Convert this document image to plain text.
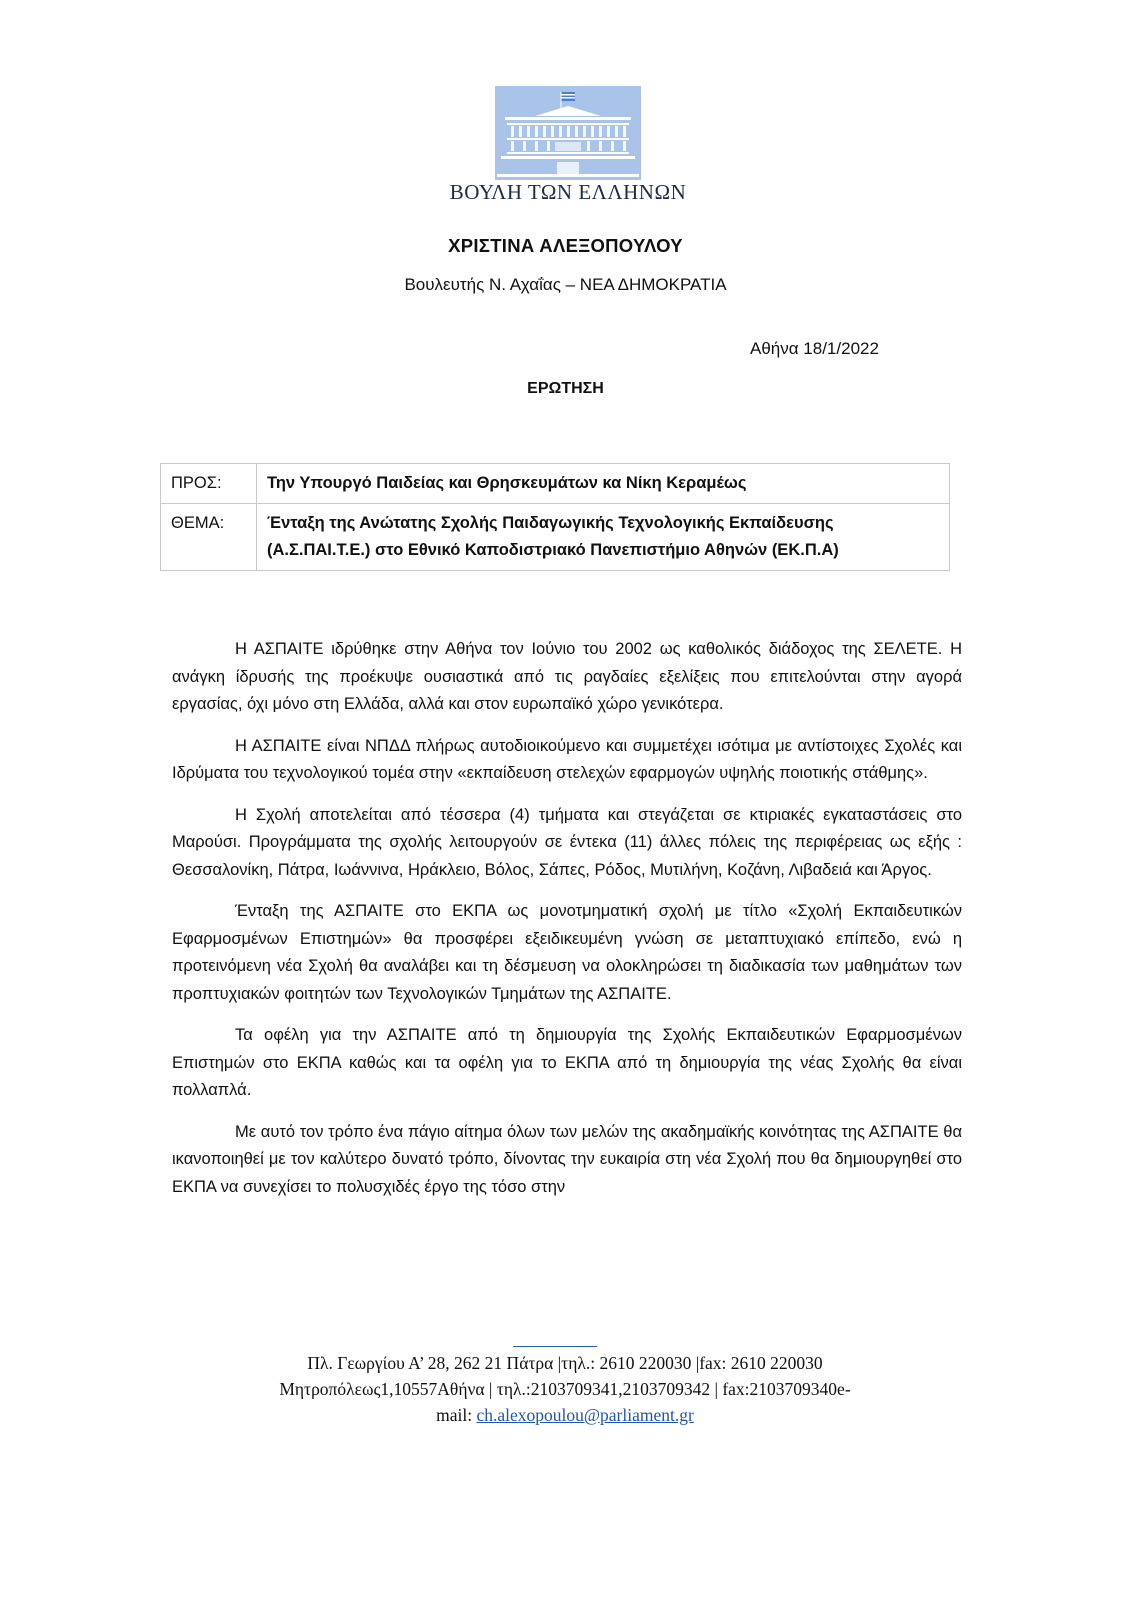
ΒΟΥΛΗ ΤΩΝ ΕΛΛΗΝΩΝ
ΧΡΙΣΤΙΝΑ ΑΛΕΞΟΠΟΥΛΟΥ
Βουλευτής Ν. Αχαΐας – ΝΕΑ ΔΗΜΟΚΡΑΤΙΑ
Αθήνα 18/1/2022
ΕΡΩΤΗΣΗ
ΠΡΟΣ:	Την Υπουργό Παιδείας και Θρησκευμάτων κα Νίκη Κεραμέως
ΘΕΜΑ:	Ένταξη της Ανώτατης Σχολής Παιδαγωγικής Τεχνολογικής Εκπαίδευσης (Α.Σ.ΠΑΙ.Τ.Ε.) στο Εθνικό Καποδιστριακό Πανεπιστήμιο Αθηνών (ΕΚ.Π.Α)

Η ΑΣΠΑΙΤΕ ιδρύθηκε στην Αθήνα τον Ιούνιο του 2002 ως καθολικός διάδοχος της ΣΕΛΕΤΕ. Η ανάγκη ίδρυσής της προέκυψε ουσιαστικά από τις ραγδαίες εξελίξεις που επιτελούνται στην αγορά εργασίας, όχι μόνο στη Ελλάδα, αλλά και στον ευρωπαϊκό χώρο γενικότερα.

Η ΑΣΠΑΙΤΕ είναι ΝΠΔΔ πλήρως αυτοδιοικούμενο και συμμετέχει ισότιμα με αντίστοιχες Σχολές και Ιδρύματα του τεχνολογικού τομέα στην «εκπαίδευση στελεχών εφαρμογών υψηλής ποιοτικής στάθμης».

Η Σχολή αποτελείται από τέσσερα (4) τμήματα και στεγάζεται σε κτιριακές εγκαταστάσεις στο Μαρούσι. Προγράμματα της σχολής λειτουργούν σε έντεκα (11) άλλες πόλεις της περιφέρειας ως εξής : Θεσσαλονίκη, Πάτρα, Ιωάννινα, Ηράκλειο, Βόλος, Σάπες, Ρόδος, Μυτιλήνη, Κοζάνη, Λιβαδειά και Άργος.

Ένταξη της ΑΣΠΑΙΤΕ στο ΕΚΠΑ ως μονοτμηματική σχολή με τίτλο «Σχολή Εκπαιδευτικών Εφαρμοσμένων Επιστημών» θα προσφέρει εξειδικευμένη γνώση σε μεταπτυχιακό επίπεδο, ενώ η προτεινόμενη νέα Σχολή θα αναλάβει και τη δέσμευση να ολοκληρώσει τη διαδικασία των μαθημάτων των προπτυχιακών φοιτητών των Τεχνολογικών Τμημάτων της ΑΣΠΑΙΤΕ.

Τα οφέλη για την ΑΣΠΑΙΤΕ από τη δημιουργία της Σχολής Εκπαιδευτικών Εφαρμοσμένων Επιστημών στο ΕΚΠΑ καθώς και τα οφέλη για το ΕΚΠΑ από τη δημιουργία της νέας Σχολής θα είναι πολλαπλά.

Με αυτό τον τρόπο ένα πάγιο αίτημα όλων των μελών της ακαδημαϊκής κοινότητας της ΑΣΠΑΙΤΕ θα ικανοποιηθεί με τον καλύτερο δυνατό τρόπο, δίνοντας την ευκαιρία στη νέα Σχολή που θα δημιουργηθεί στο ΕΚΠΑ να συνεχίσει το πολυσχιδές έργο της τόσο στην

Πλ. Γεωργίου Α’ 28, 262 21 Πάτρα |τηλ.: 2610 220030 |fax: 2610 220030
Μητροπόλεως1,10557Αθήνα | τηλ.:2103709341,2103709342 | fax:2103709340e-
mail: ch.alexopoulou@parliament.gr
